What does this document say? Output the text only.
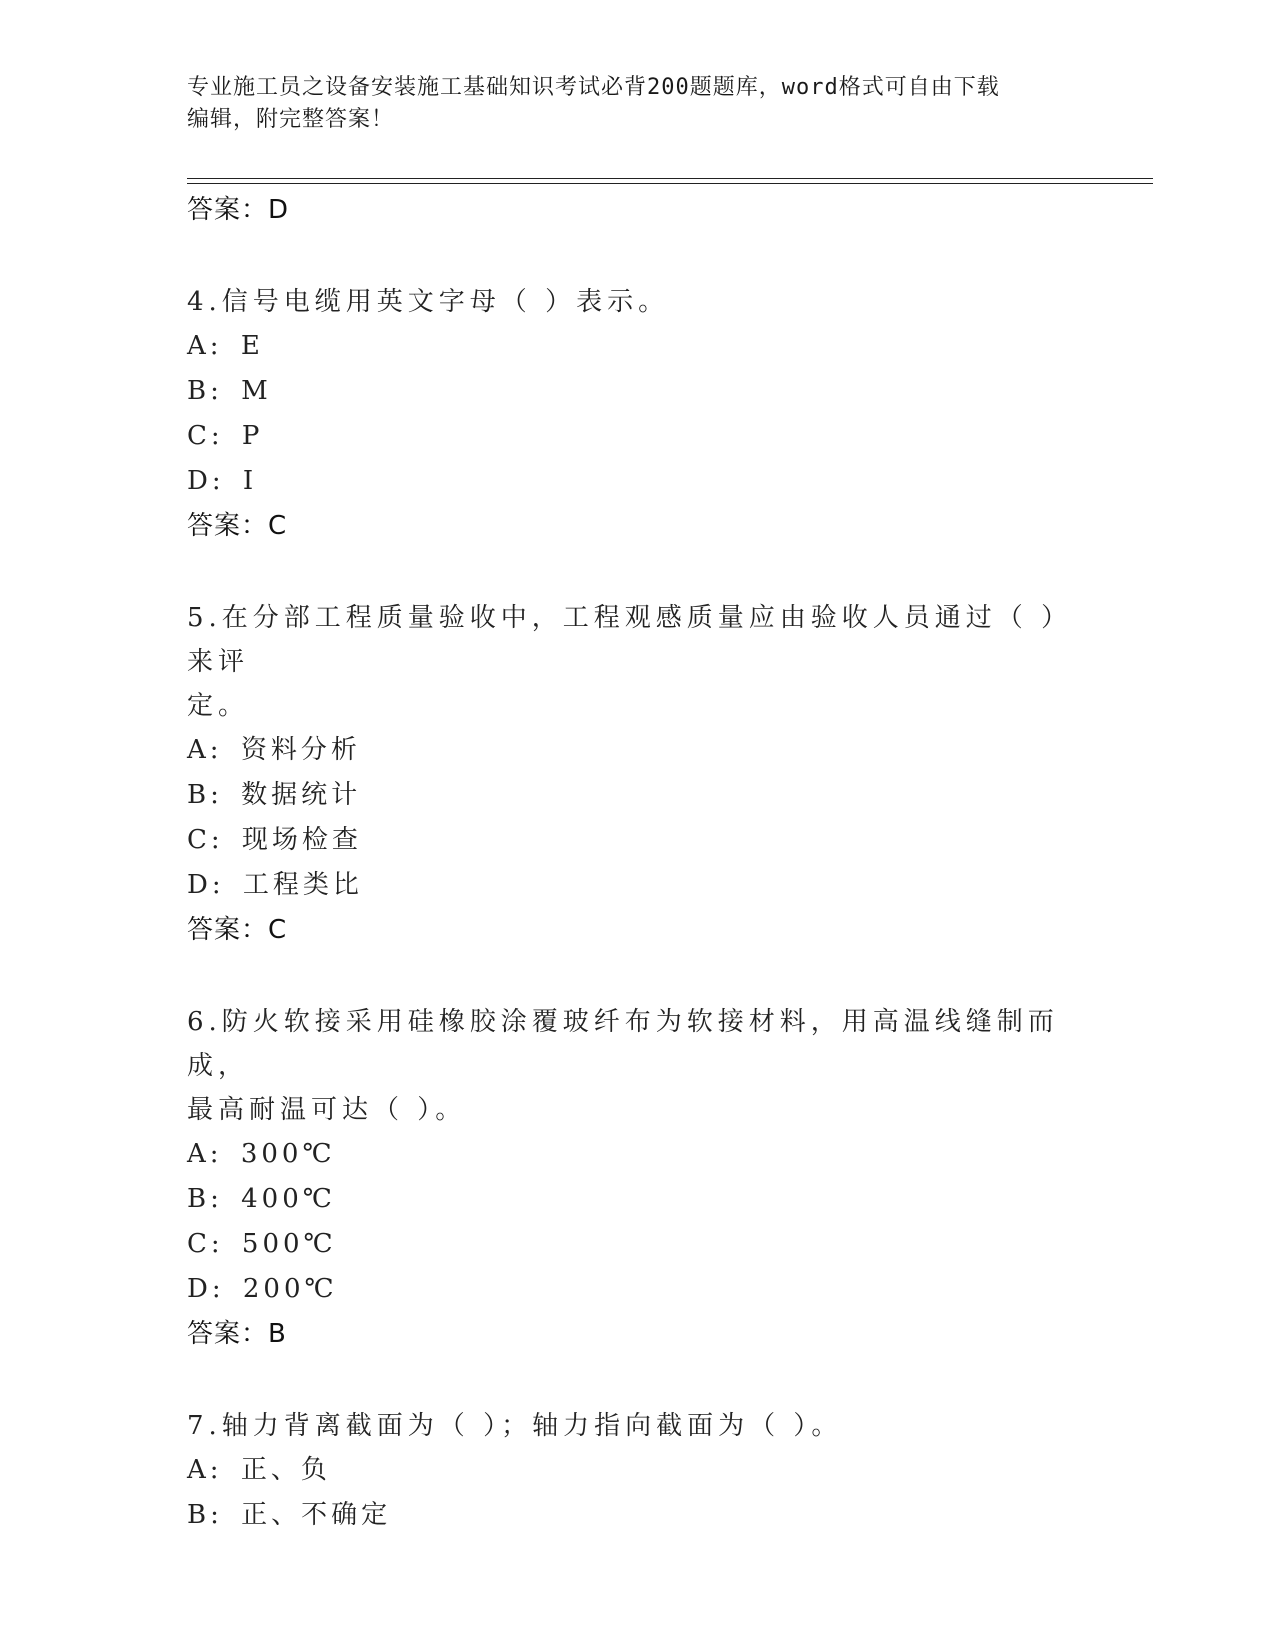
专业施工员之设备安装施工基础知识考试必背200题题库，word格式可自由下载
编辑，附完整答案！
答案：D
4.信号电缆用英文字母（ ）表示。
A: E
B: M
C: P
D: I
答案：C
5.在分部工程质量验收中，工程观感质量应由验收人员通过（ ）来评
定。
A: 资料分析
B: 数据统计
C: 现场检查
D: 工程类比
答案：C
6.防火软接采用硅橡胶涂覆玻纤布为软接材料，用高温线缝制而成，
最高耐温可达（ ）。
A: 300℃
B: 400℃
C: 500℃
D: 200℃
答案：B
7.轴力背离截面为（ ）；轴力指向截面为（ ）。
A: 正、负
B: 正、不确定
